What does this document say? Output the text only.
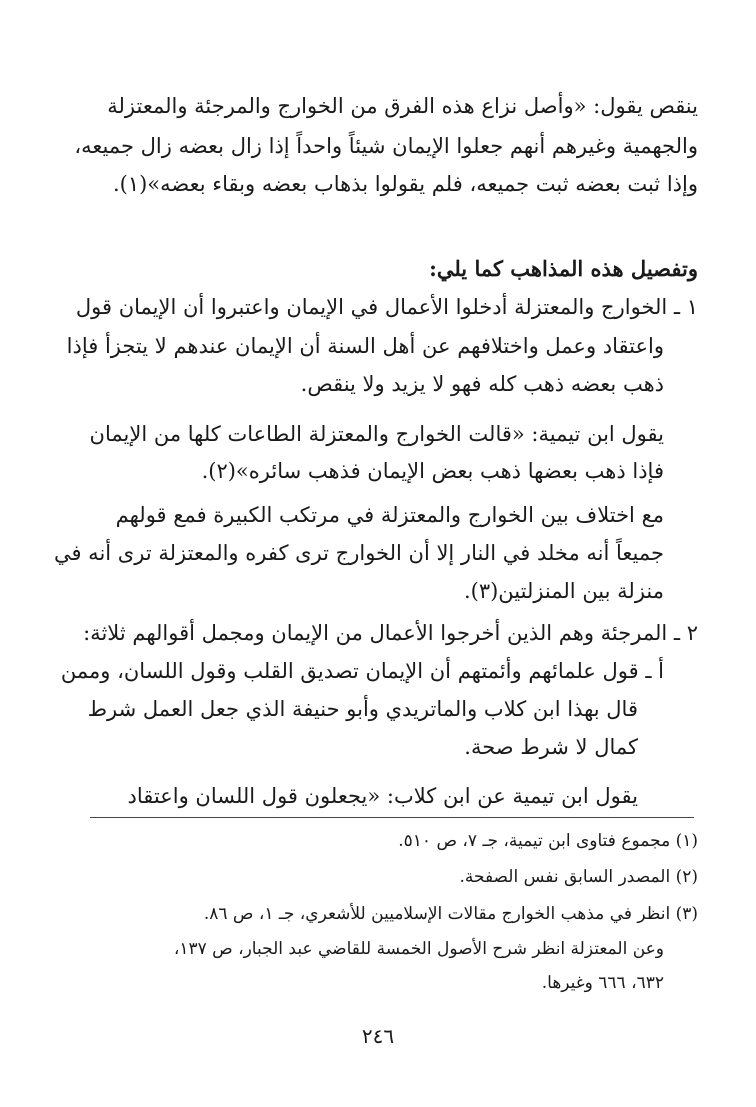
ينقص يقول: «وأصل نزاع هذه الفرق من الخوارج والمرجئة والمعتزلة
والجهمية وغيرهم أنهم جعلوا الإيمان شيئاً واحداً إذا زال بعضه زال جميعه،
وإذا ثبت بعضه ثبت جميعه، فلم يقولوا بذهاب بعضه وبقاء بعضه»(١).
وتفصيل هذه المذاهب كما يلي:
١ ـ الخوارج والمعتزلة أدخلوا الأعمال في الإيمان واعتبروا أن الإيمان قول
واعتقاد وعمل واختلافهم عن أهل السنة أن الإيمان عندهم لا يتجزأ فإذا
ذهب بعضه ذهب كله فهو لا يزيد ولا ينقص.
يقول ابن تيمية: «قالت الخوارج والمعتزلة الطاعات كلها من الإيمان
فإذا ذهب بعضها ذهب بعض الإيمان فذهب سائره»(٢).
مع اختلاف بين الخوارج والمعتزلة في مرتكب الكبيرة فمع قولهم
جميعاً أنه مخلد في النار إلا أن الخوارج ترى كفره والمعتزلة ترى أنه في
منزلة بين المنزلتين(٣).
٢ ـ المرجئة وهم الذين أخرجوا الأعمال من الإيمان ومجمل أقوالهم ثلاثة:
أ ـ قول علمائهم وأئمتهم أن الإيمان تصديق القلب وقول اللسان، وممن
قال بهذا ابن كلاب والماتريدي وأبو حنيفة الذي جعل العمل شرط
كمال لا شرط صحة.
يقول ابن تيمية عن ابن كلاب: «يجعلون قول اللسان واعتقاد
(١) مجموع فتاوى ابن تيمية، جـ ٧، ص ٥١٠.
(٢) المصدر السابق نفس الصفحة.
(٣) انظر في مذهب الخوارج مقالات الإسلاميين للأشعري، جـ ١، ص ٨٦.
وعن المعتزلة انظر شرح الأصول الخمسة للقاضي عبد الجبار، ص ١٣٧،
٦٣٢، ٦٦٦ وغيرها.
٢٤٦
